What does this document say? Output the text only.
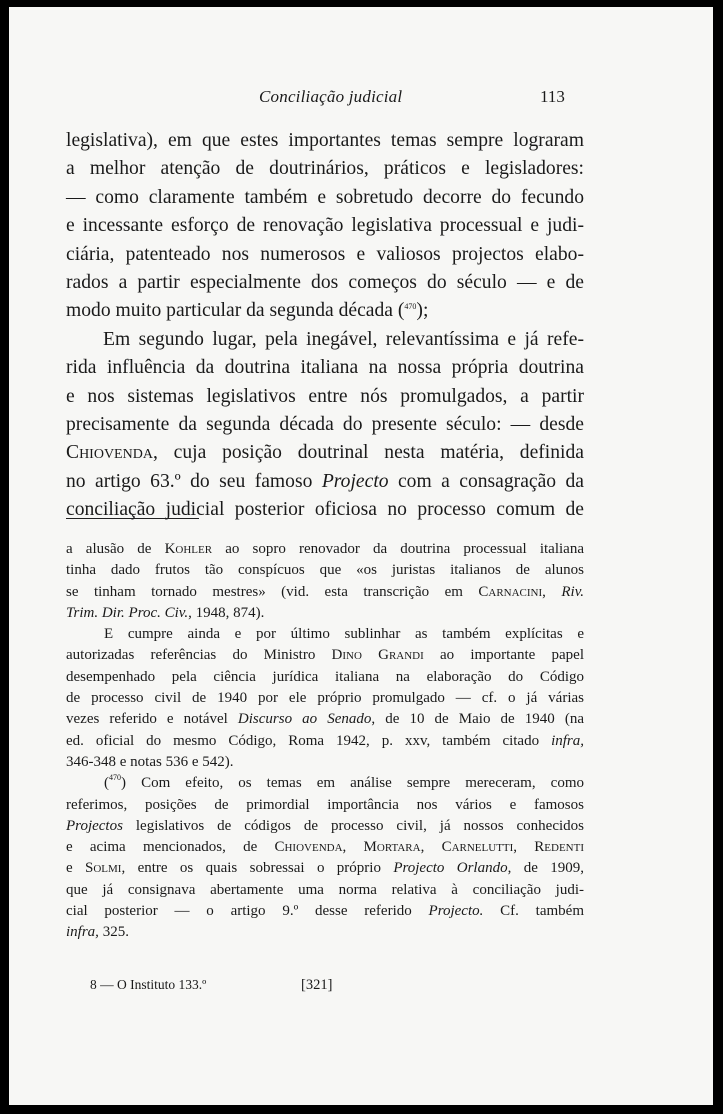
Conciliação judicial	113
legislativa), em que estes importantes temas sempre lograram
a melhor atenção de doutrinários, práticos e legisladores:
— como claramente também e sobretudo decorre do fecundo
e incessante esforço de renovação legislativa processual e judi-
ciária, patenteado nos numerosos e valiosos projectos elabo-
rados a partir especialmente dos começos do século — e de
modo muito particular da segunda década ($^{470}$);
Em segundo lugar, pela inegável, relevantíssima e já refe-
rida influência da doutrina italiana na nossa própria doutrina
e nos sistemas legislativos entre nós promulgados, a partir
precisamente da segunda década do presente século: — desde
Chiovenda, cuja posição doutrinal nesta matéria, definida
no artigo 63.º do seu famoso Projecto com a consagração da
conciliação judicial posterior oficiosa no processo comum de
a alusão de Kohler ao sopro renovador da doutrina processual italiana
tinha dado frutos tão conspícuos que «os juristas italianos de alunos
se tinham tornado mestres» (vid. esta transcrição em Carnacini, Riv.
Trim. Dir. Proc. Civ., 1948, 874).
E cumpre ainda e por último sublinhar as também explícitas e
autorizadas referências do Ministro Dino Grandi ao importante papel
desempenhado pela ciência jurídica italiana na elaboração do Código
de processo civil de 1940 por ele próprio promulgado — cf. o já várias
vezes referido e notável Discurso ao Senado, de 10 de Maio de 1940 (na
ed. oficial do mesmo Código, Roma 1942, p. xxv, também citado infra,
346-348 e notas 536 e 542).
($^{470}$) Com efeito, os temas em análise sempre mereceram, como
referimos, posições de primordial importância nos vários e famosos
Projectos legislativos de códigos de processo civil, já nossos conhecidos
e acima mencionados, de Chiovenda, Mortara, Carnelutti, Redenti
e Solmi, entre os quais sobressai o próprio Projecto Orlando, de 1909,
que já consignava abertamente uma norma relativa à conciliação judi-
cial posterior — o artigo 9.º desse referido Projecto. Cf. também
infra, 325.
8 — O Instituto 133.º	[321]
